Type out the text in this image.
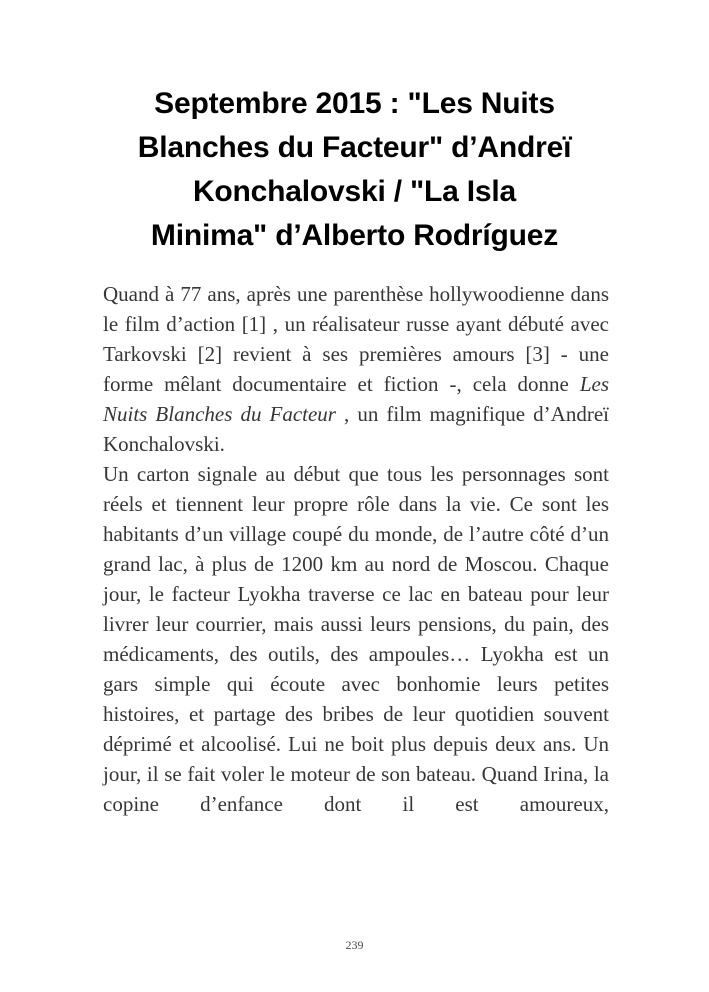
Septembre 2015 : "Les Nuits
Blanches du Facteur" d’Andreï
Konchalovski / "La Isla
Minima" d’Alberto Rodríguez

Quand à 77 ans, après une parenthèse hollywoodienne dans le film d’action [1] , un réalisateur russe ayant débuté avec Tarkovski [2] revient à ses premières amours [3] - une forme mêlant documentaire et fiction -, cela donne Les Nuits Blanches du Facteur , un film magnifique d’Andreï Konchalovski.

Un carton signale au début que tous les personnages sont réels et tiennent leur propre rôle dans la vie. Ce sont les habitants d’un village coupé du monde, de l’autre côté d’un grand lac, à plus de 1200 km au nord de Moscou. Chaque jour, le facteur Lyokha traverse ce lac en bateau pour leur livrer leur courrier, mais aussi leurs pensions, du pain, des médicaments, des outils, des ampoules… Lyokha est un gars simple qui écoute avec bonhomie leurs petites histoires, et partage des bribes de leur quotidien souvent déprimé et alcoolisé. Lui ne boit plus depuis deux ans. Un jour, il se fait voler le moteur de son bateau. Quand Irina, la copine d’enfance dont il est amoureux,

239
